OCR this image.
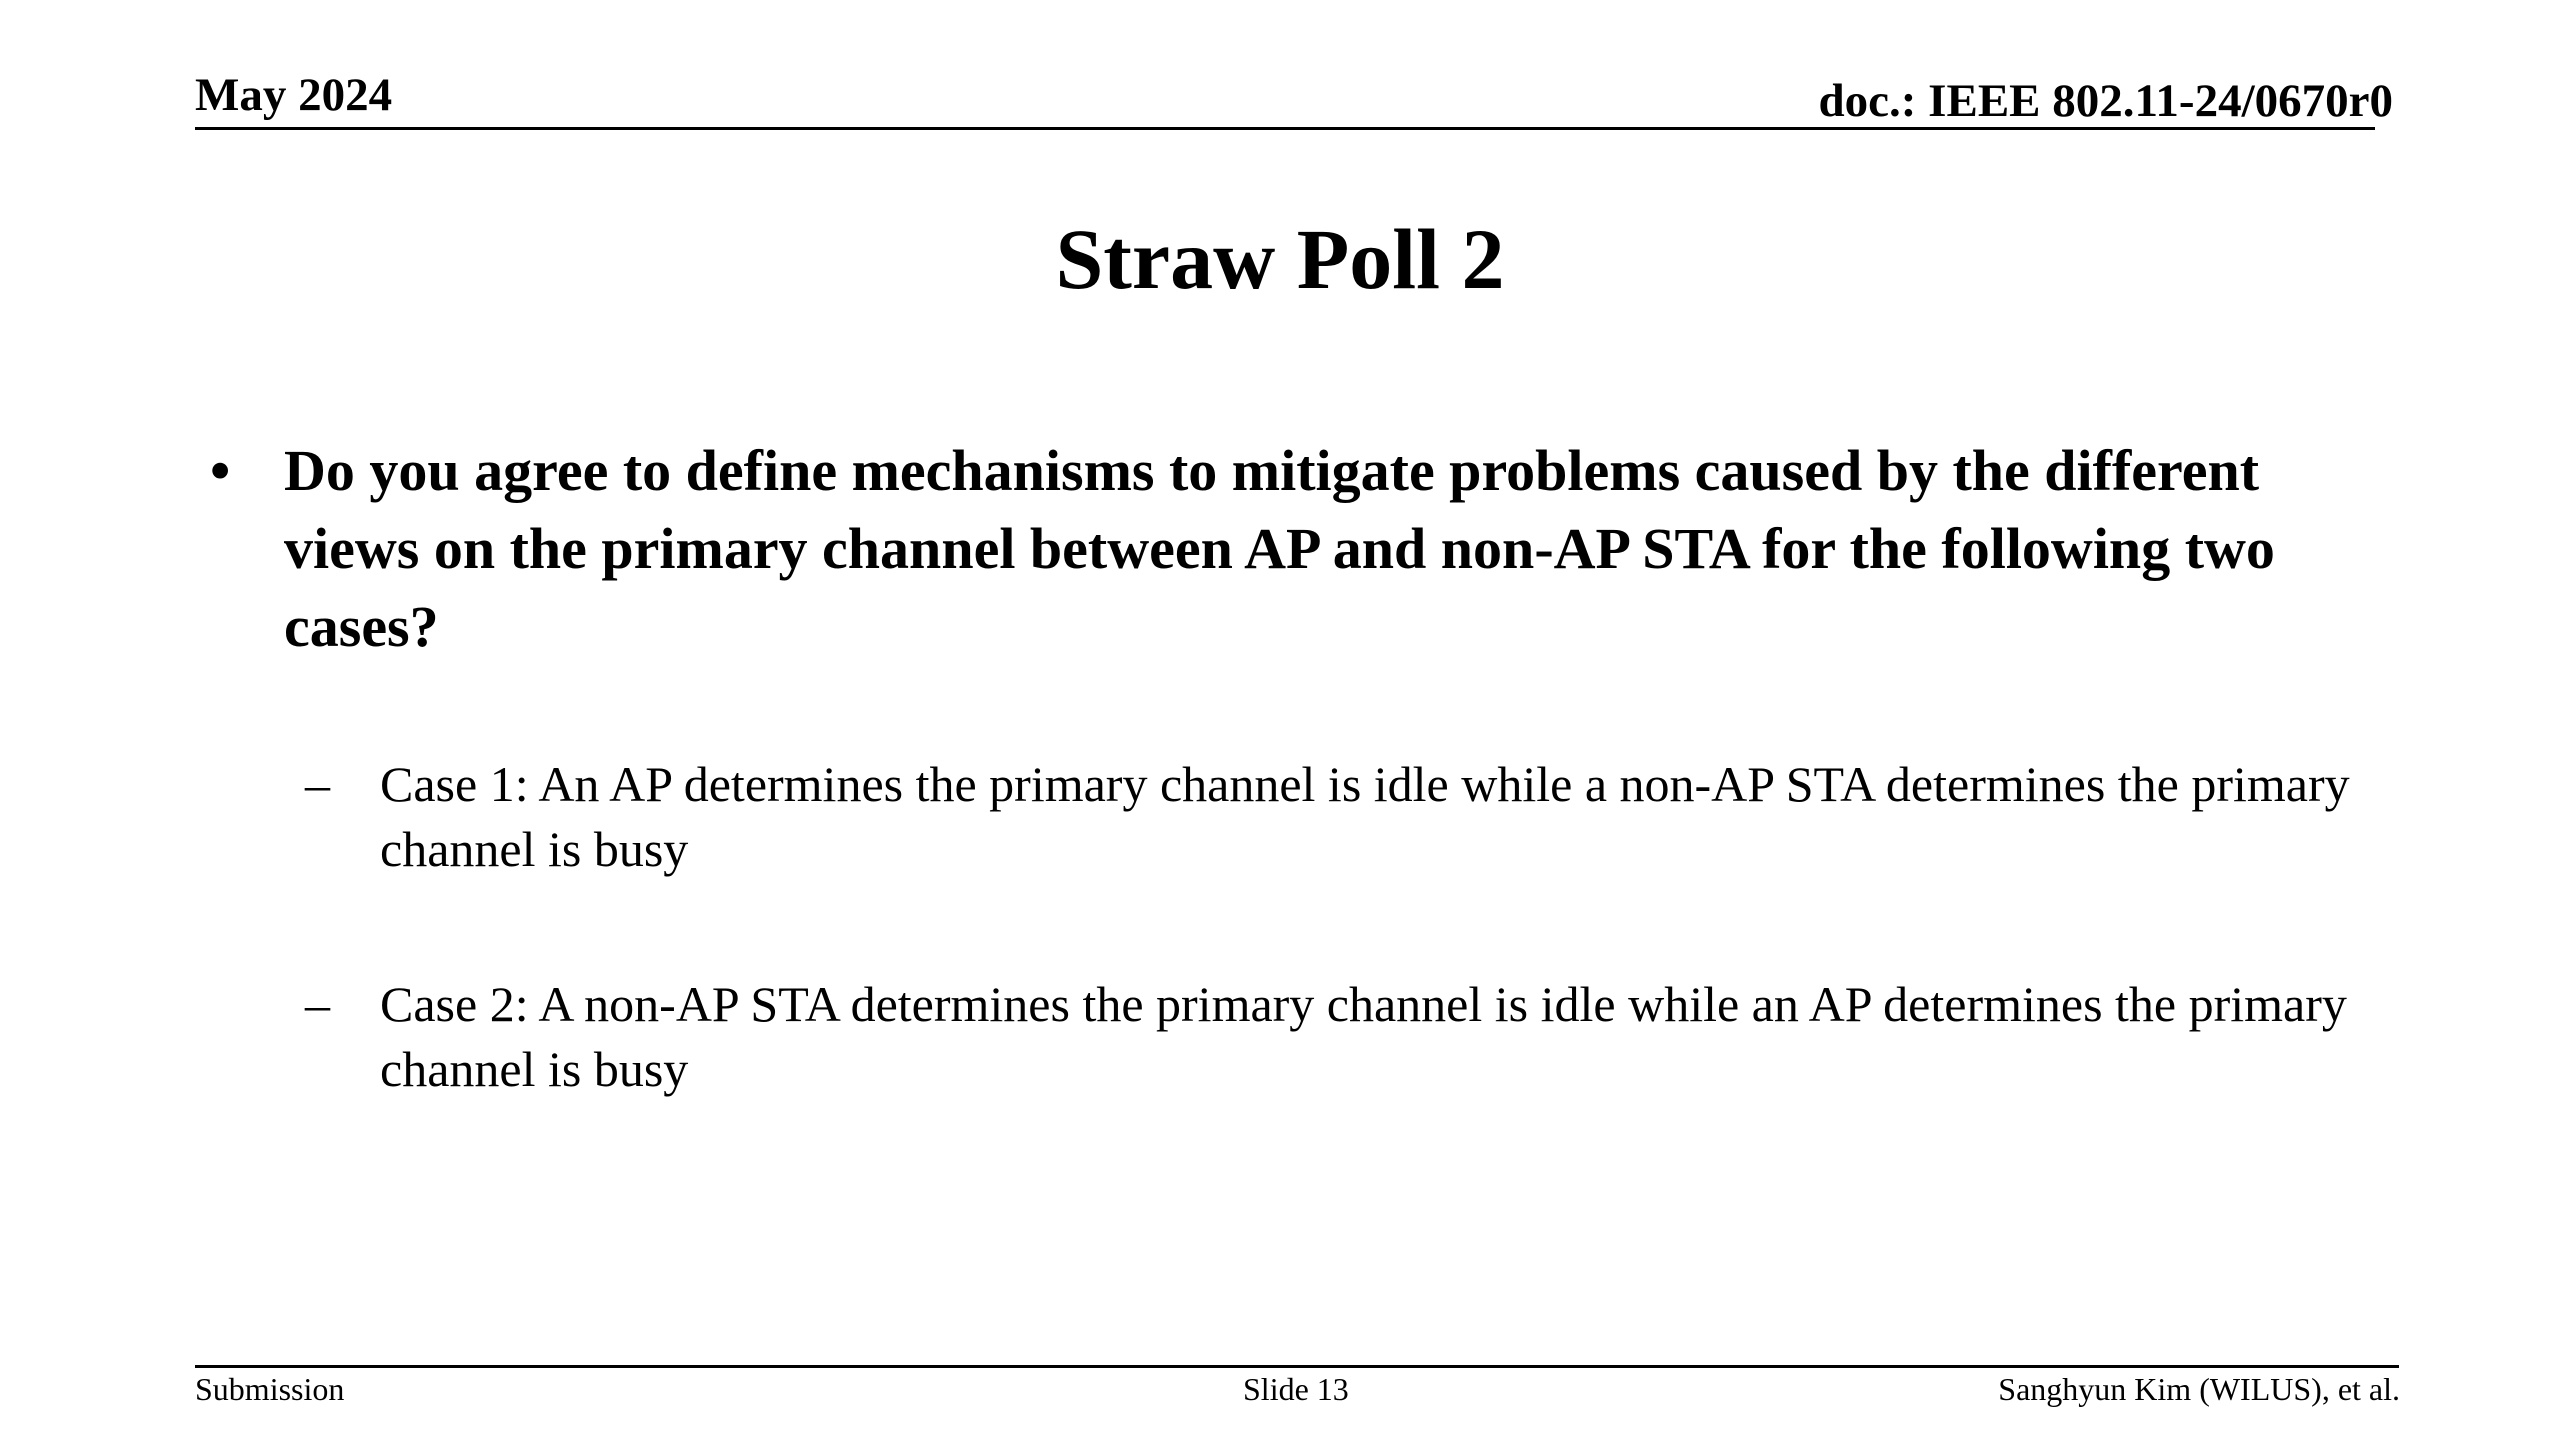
May 2024	doc.: IEEE 802.11-24/0670r0
Straw Poll 2
• Do you agree to define mechanisms to mitigate problems caused by the different views on the primary channel between AP and non-AP STA for the following two cases?
– Case 1: An AP determines the primary channel is idle while a non-AP STA determines the primary channel is busy
– Case 2: A non-AP STA determines the primary channel is idle while an AP determines the primary channel is busy
Submission	Slide 13	Sanghyun Kim (WILUS), et al.
